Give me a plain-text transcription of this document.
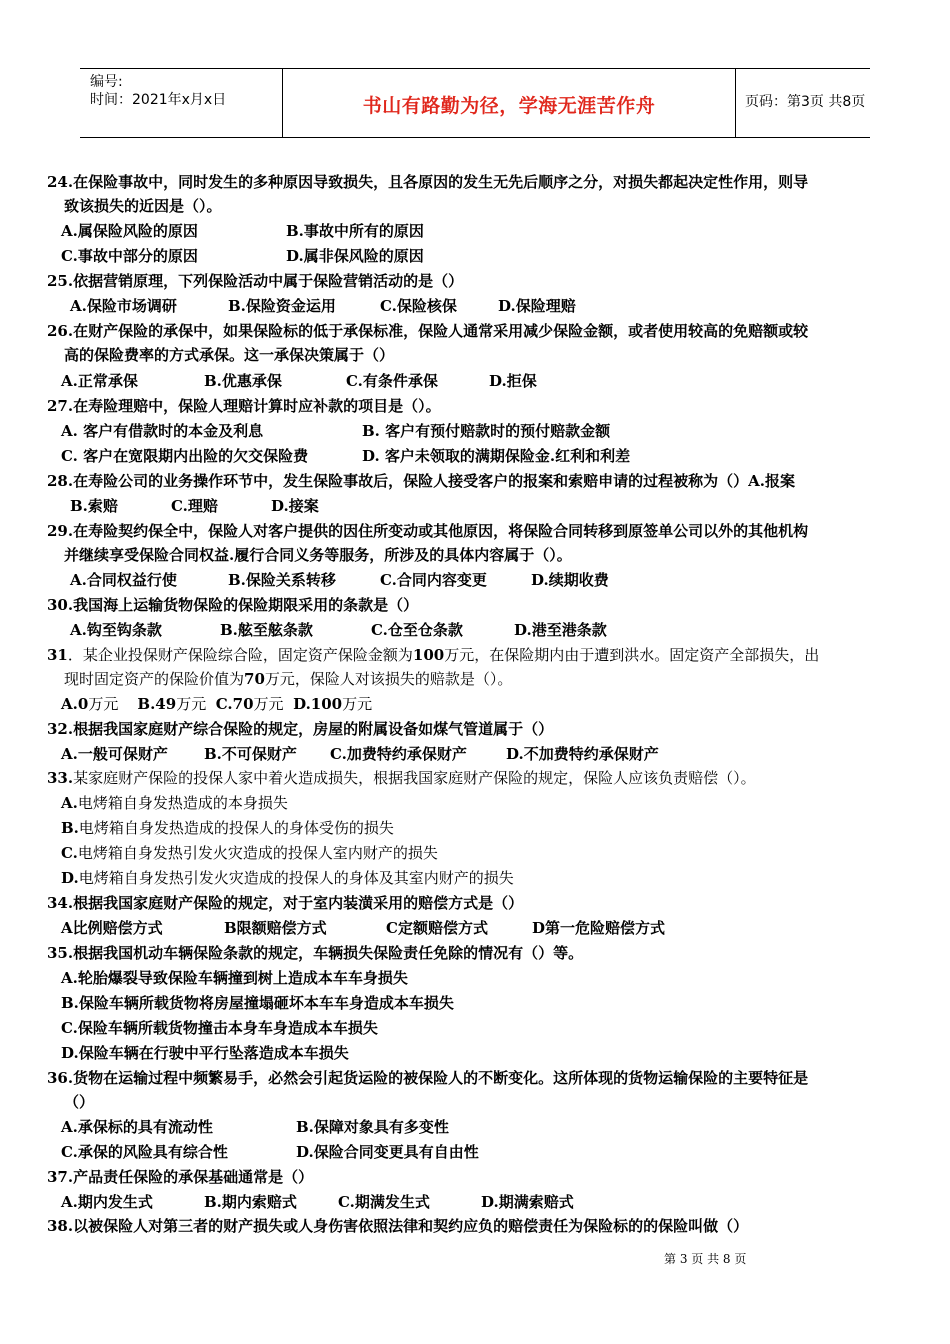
编号:
时间：2021年x月x日	书山有路勤为径，学海无涯苦作舟	页码：第3页 共8页
24.在保险事故中，同时发生的多种原因导致损失，且各原因的发生无先后顺序之分，对损失都起决定性作用，则导
致该损失的近因是（）。
A.属保险风险的原因	B.事故中所有的原因
C.事故中部分的原因	D.属非保风险的原因
25.依据营销原理，下列保险活动中属于保险营销活动的是（）
A.保险市场调研	B.保险资金运用	C.保险核保	D.保险理赔
26.在财产保险的承保中，如果保险标的低于承保标准，保险人通常采用减少保险金额，或者使用较高的免赔额或较
高的保险费率的方式承保。这一承保决策属于（）
A.正常承保	B.优惠承保	C.有条件承保	D.拒保
27.在寿险理赔中，保险人理赔计算时应补款的项目是（）。
A. 客户有借款时的本金及利息	B. 客户有预付赔款时的预付赔款金额
C. 客户在宽限期内出险的欠交保险费	D. 客户未领取的满期保险金.红利和利差
28.在寿险公司的业务操作环节中，发生保险事故后，保险人接受客户的报案和索赔申请的过程被称为（）A.报案
B.索赔	C.理赔	D.接案
29.在寿险契约保全中，保险人对客户提供的因住所变动或其他原因，将保险合同转移到原签单公司以外的其他机构
并继续享受保险合同权益.履行合同义务等服务，所涉及的具体内容属于（）。
A.合同权益行使	B.保险关系转移	C.合同内容变更	D.续期收费
30.我国海上运输货物保险的保险期限采用的条款是（）
A.钩至钩条款	B.舷至舷条款	C.仓至仓条款	D.港至港条款
31．某企业投保财产保险综合险，固定资产保险金额为100万元，在保险期内由于遭到洪水。固定资产全部损失，出
现时固定资产的保险价值为70万元，保险人对该损失的赔款是（）。
A.0万元 B.49万元 C.70万元 D.100万元
32.根据我国家庭财产综合保险的规定，房屋的附属设备如煤气管道属于（）
A.一般可保财产 B.不可保财产 C.加费特约承保财产	D.不加费特约承保财产
33.某家庭财产保险的投保人家中着火造成损失，根据我国家庭财产保险的规定，保险人应该负责赔偿（）。
A.电烤箱自身发热造成的本身损失
B.电烤箱自身发热造成的投保人的身体受伤的损失
C.电烤箱自身发热引发火灾造成的投保人室内财产的损失
D.电烤箱自身发热引发火灾造成的投保人的身体及其室内财产的损失
34.根据我国家庭财产保险的规定，对于室内装潢采用的赔偿方式是（）
A比例赔偿方式	B限额赔偿方式	C定额赔偿方式	D第一危险赔偿方式
35.根据我国机动车辆保险条款的规定，车辆损失保险责任免除的情况有（）等。
A.轮胎爆裂导致保险车辆撞到树上造成本车车身损失
B.保险车辆所载货物将房屋撞塌砸坏本车车身造成本车损失
C.保险车辆所载货物撞击本身车身造成本车损失
D.保险车辆在行驶中平行坠落造成本车损失
36.货物在运输过程中频繁易手，必然会引起货运险的被保险人的不断变化。这所体现的货物运输保险的主要特征是
（）
A.承保标的具有流动性	B.保障对象具有多变性
C.承保的风险具有综合性	D.保险合同变更具有自由性
37.产品责任保险的承保基础通常是（）
A.期内发生式	B.期内索赔式	C.期满发生式	D.期满索赔式
38.以被保险人对第三者的财产损失或人身伤害依照法律和契约应负的赔偿责任为保险标的的保险叫做（）
第 3 页 共 8 页
